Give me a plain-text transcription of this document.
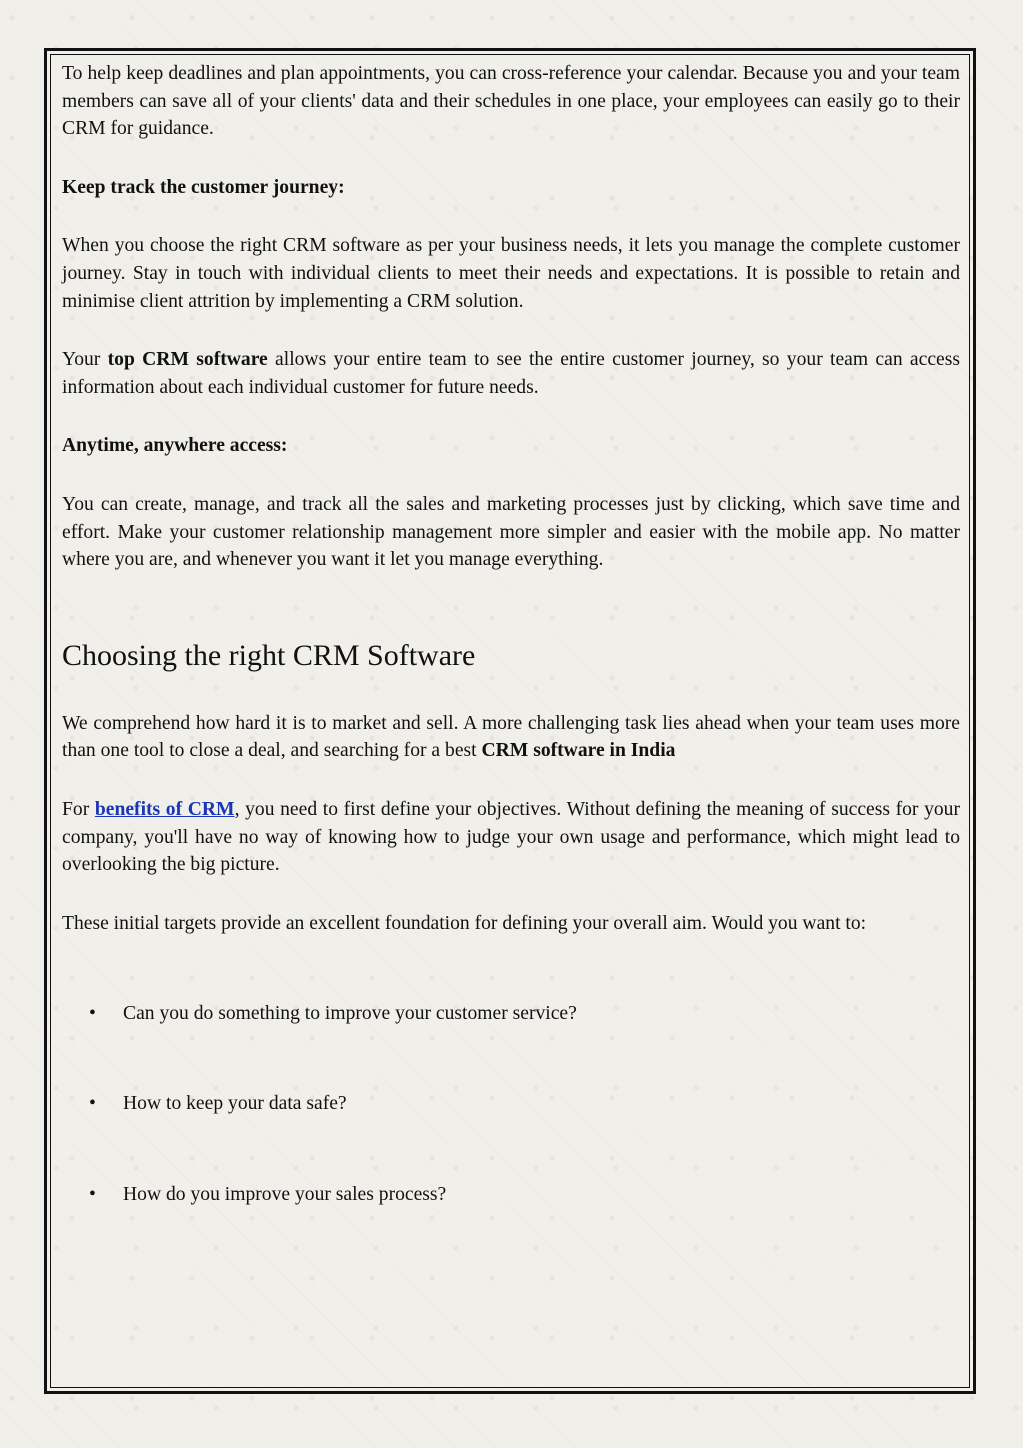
To help keep deadlines and plan appointments, you can cross-reference your calendar. Because you and your team members can save all of your clients' data and their schedules in one place, your employees can easily go to their CRM for guidance.

Keep track the customer journey:

When you choose the right CRM software as per your business needs, it lets you manage the complete customer journey. Stay in touch with individual clients to meet their needs and expectations. It is possible to retain and minimise client attrition by implementing a CRM solution.

Your top CRM software allows your entire team to see the entire customer journey, so your team can access information about each individual customer for future needs.

Anytime, anywhere access:

You can create, manage, and track all the sales and marketing processes just by clicking, which save time and effort. Make your customer relationship management more simpler and easier with the mobile app. No matter where you are, and whenever you want it let you manage everything.

Choosing the right CRM Software

We comprehend how hard it is to market and sell. A more challenging task lies ahead when your team uses more than one tool to close a deal, and searching for a best CRM software in India

For benefits of CRM, you need to first define your objectives. Without defining the meaning of success for your company, you'll have no way of knowing how to judge your own usage and performance, which might lead to overlooking the big picture.

These initial targets provide an excellent foundation for defining your overall aim. Would you want to:

• Can you do something to improve your customer service?
• How to keep your data safe?
• How do you improve your sales process?
